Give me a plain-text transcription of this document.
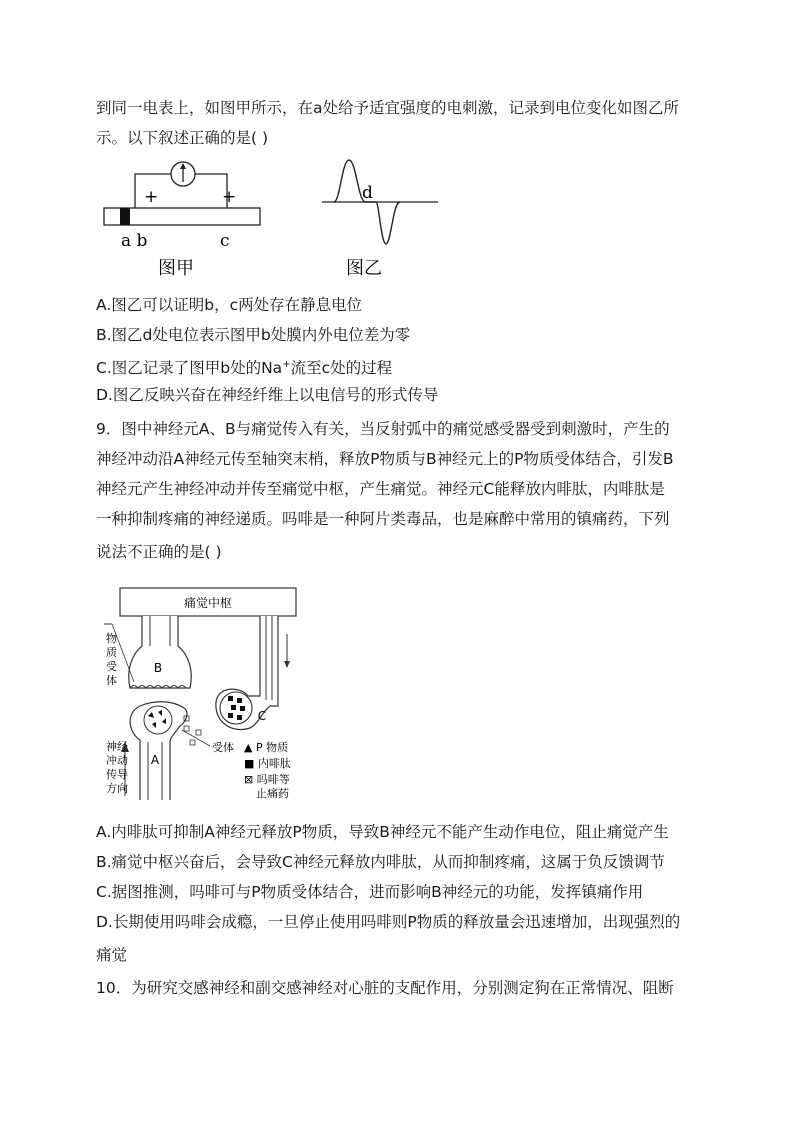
到同一电表上，如图甲所示，在a处给予适宜强度的电刺激，记录到电位变化如图乙所
示。以下叙述正确的是( )
+	+
a b	c
图甲
d
图乙
A.图乙可以证明b，c两处存在静息电位
B.图乙d处电位表示图甲b处膜内外电位差为零
C.图乙记录了图甲b处的Na+流至c处的过程
D.图乙反映兴奋在神经纤维上以电信号的形式传导
9．图中神经元A、B与痛觉传入有关，当反射弧中的痛觉感受器受到刺激时，产生的
神经冲动沿A神经元传至轴突末梢，释放P物质与B神经元上的P物质受体结合，引发B
神经元产生神经冲动并传至痛觉中枢，产生痛觉。神经元C能释放内啡肽，内啡肽是
一种抑制疼痛的神经递质。吗啡是一种阿片类毒品，也是麻醉中常用的镇痛药，下列
说法不正确的是( )
痛觉中枢
B
物
质
受
体
C
A
受体
神经
冲动
传导
方向
▲ P 物质
■ 内啡肽
⊠ 吗啡等
止痛药
A.内啡肽可抑制A神经元释放P物质，导致B神经元不能产生动作电位，阻止痛觉产生
B.痛觉中枢兴奋后，会导致C神经元释放内啡肽，从而抑制疼痛，这属于负反馈调节
C.据图推测，吗啡可与P物质受体结合，进而影响B神经元的功能，发挥镇痛作用
D.长期使用吗啡会成瘾，一旦停止使用吗啡则P物质的释放量会迅速增加，出现强烈的
痛觉
10．为研究交感神经和副交感神经对心脏的支配作用，分别测定狗在正常情况、阻断
